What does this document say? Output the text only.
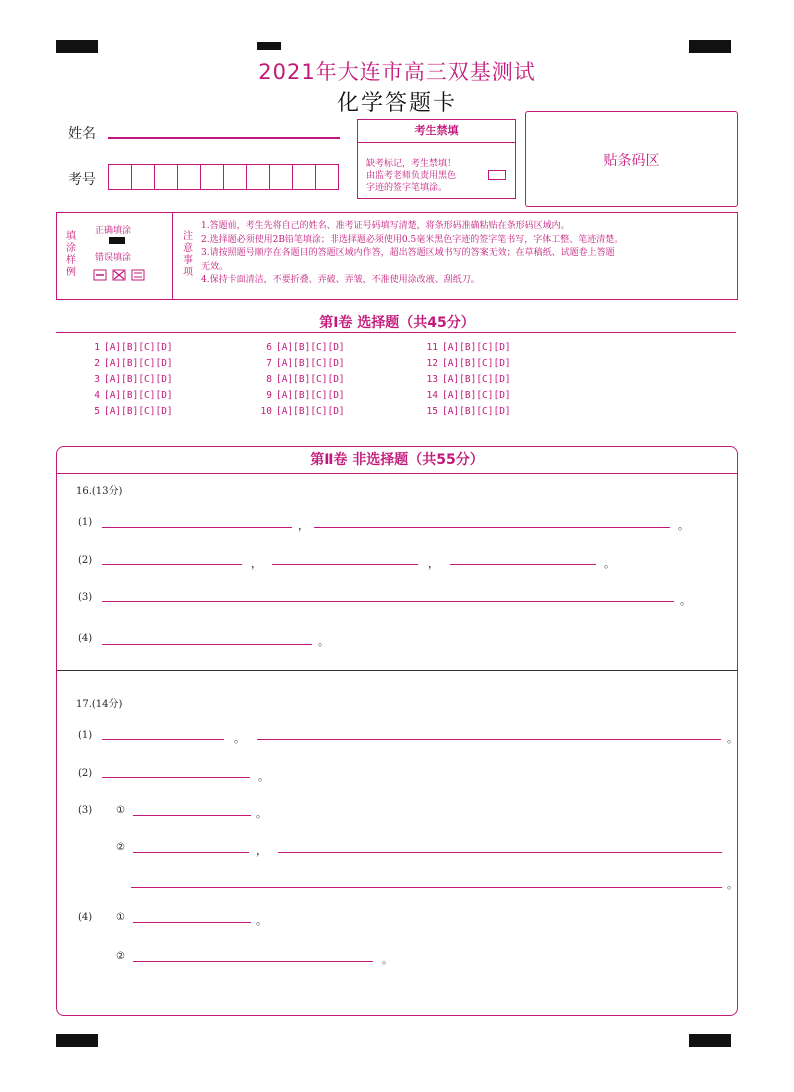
2021年大连市高三双基测试
化学答题卡
姓名
考号
考生禁填
缺考标记，考生禁填！
由监考老师负责用黑色
字迹的签字笔填涂。
贴条码区
填
涂
样
例
正确填涂
错误填涂
注
意
事
项
1.答题前，考生先将自己的姓名、准考证号码填写清楚，将条形码准确粘贴在条形码区域内。
2.选择题必须使用2B铅笔填涂；非选择题必须使用0.5毫米黑色字迹的签字笔书写，字体工整、笔迹清楚。
3.请按照题号顺序在各题目的答题区域内作答，超出答题区域书写的答案无效；在草稿纸、试题卷上答题
无效。
4.保持卡面清洁，不要折叠、弄破、弄皱，不准使用涂改液、刮纸刀。
第Ⅰ卷 选择题（共45分）
1 [A][B][C][D]
2 [A][B][C][D]
3 [A][B][C][D]
4 [A][B][C][D]
5 [A][B][C][D]
6 [A][B][C][D]
7 [A][B][C][D]
8 [A][B][C][D]
9 [A][B][C][D]
10 [A][B][C][D]
11 [A][B][C][D]
12 [A][B][C][D]
13 [A][B][C][D]
14 [A][B][C][D]
15 [A][B][C][D]
第Ⅱ卷 非选择题（共55分）
16.(13分)
(1)	，	。
(2)	，	，	。
(3)	。
(4)	。
17.(14分)
(1)	。	。
(2)	。
(3) ①	。
②	，
。
(4) ①	。
②	。
